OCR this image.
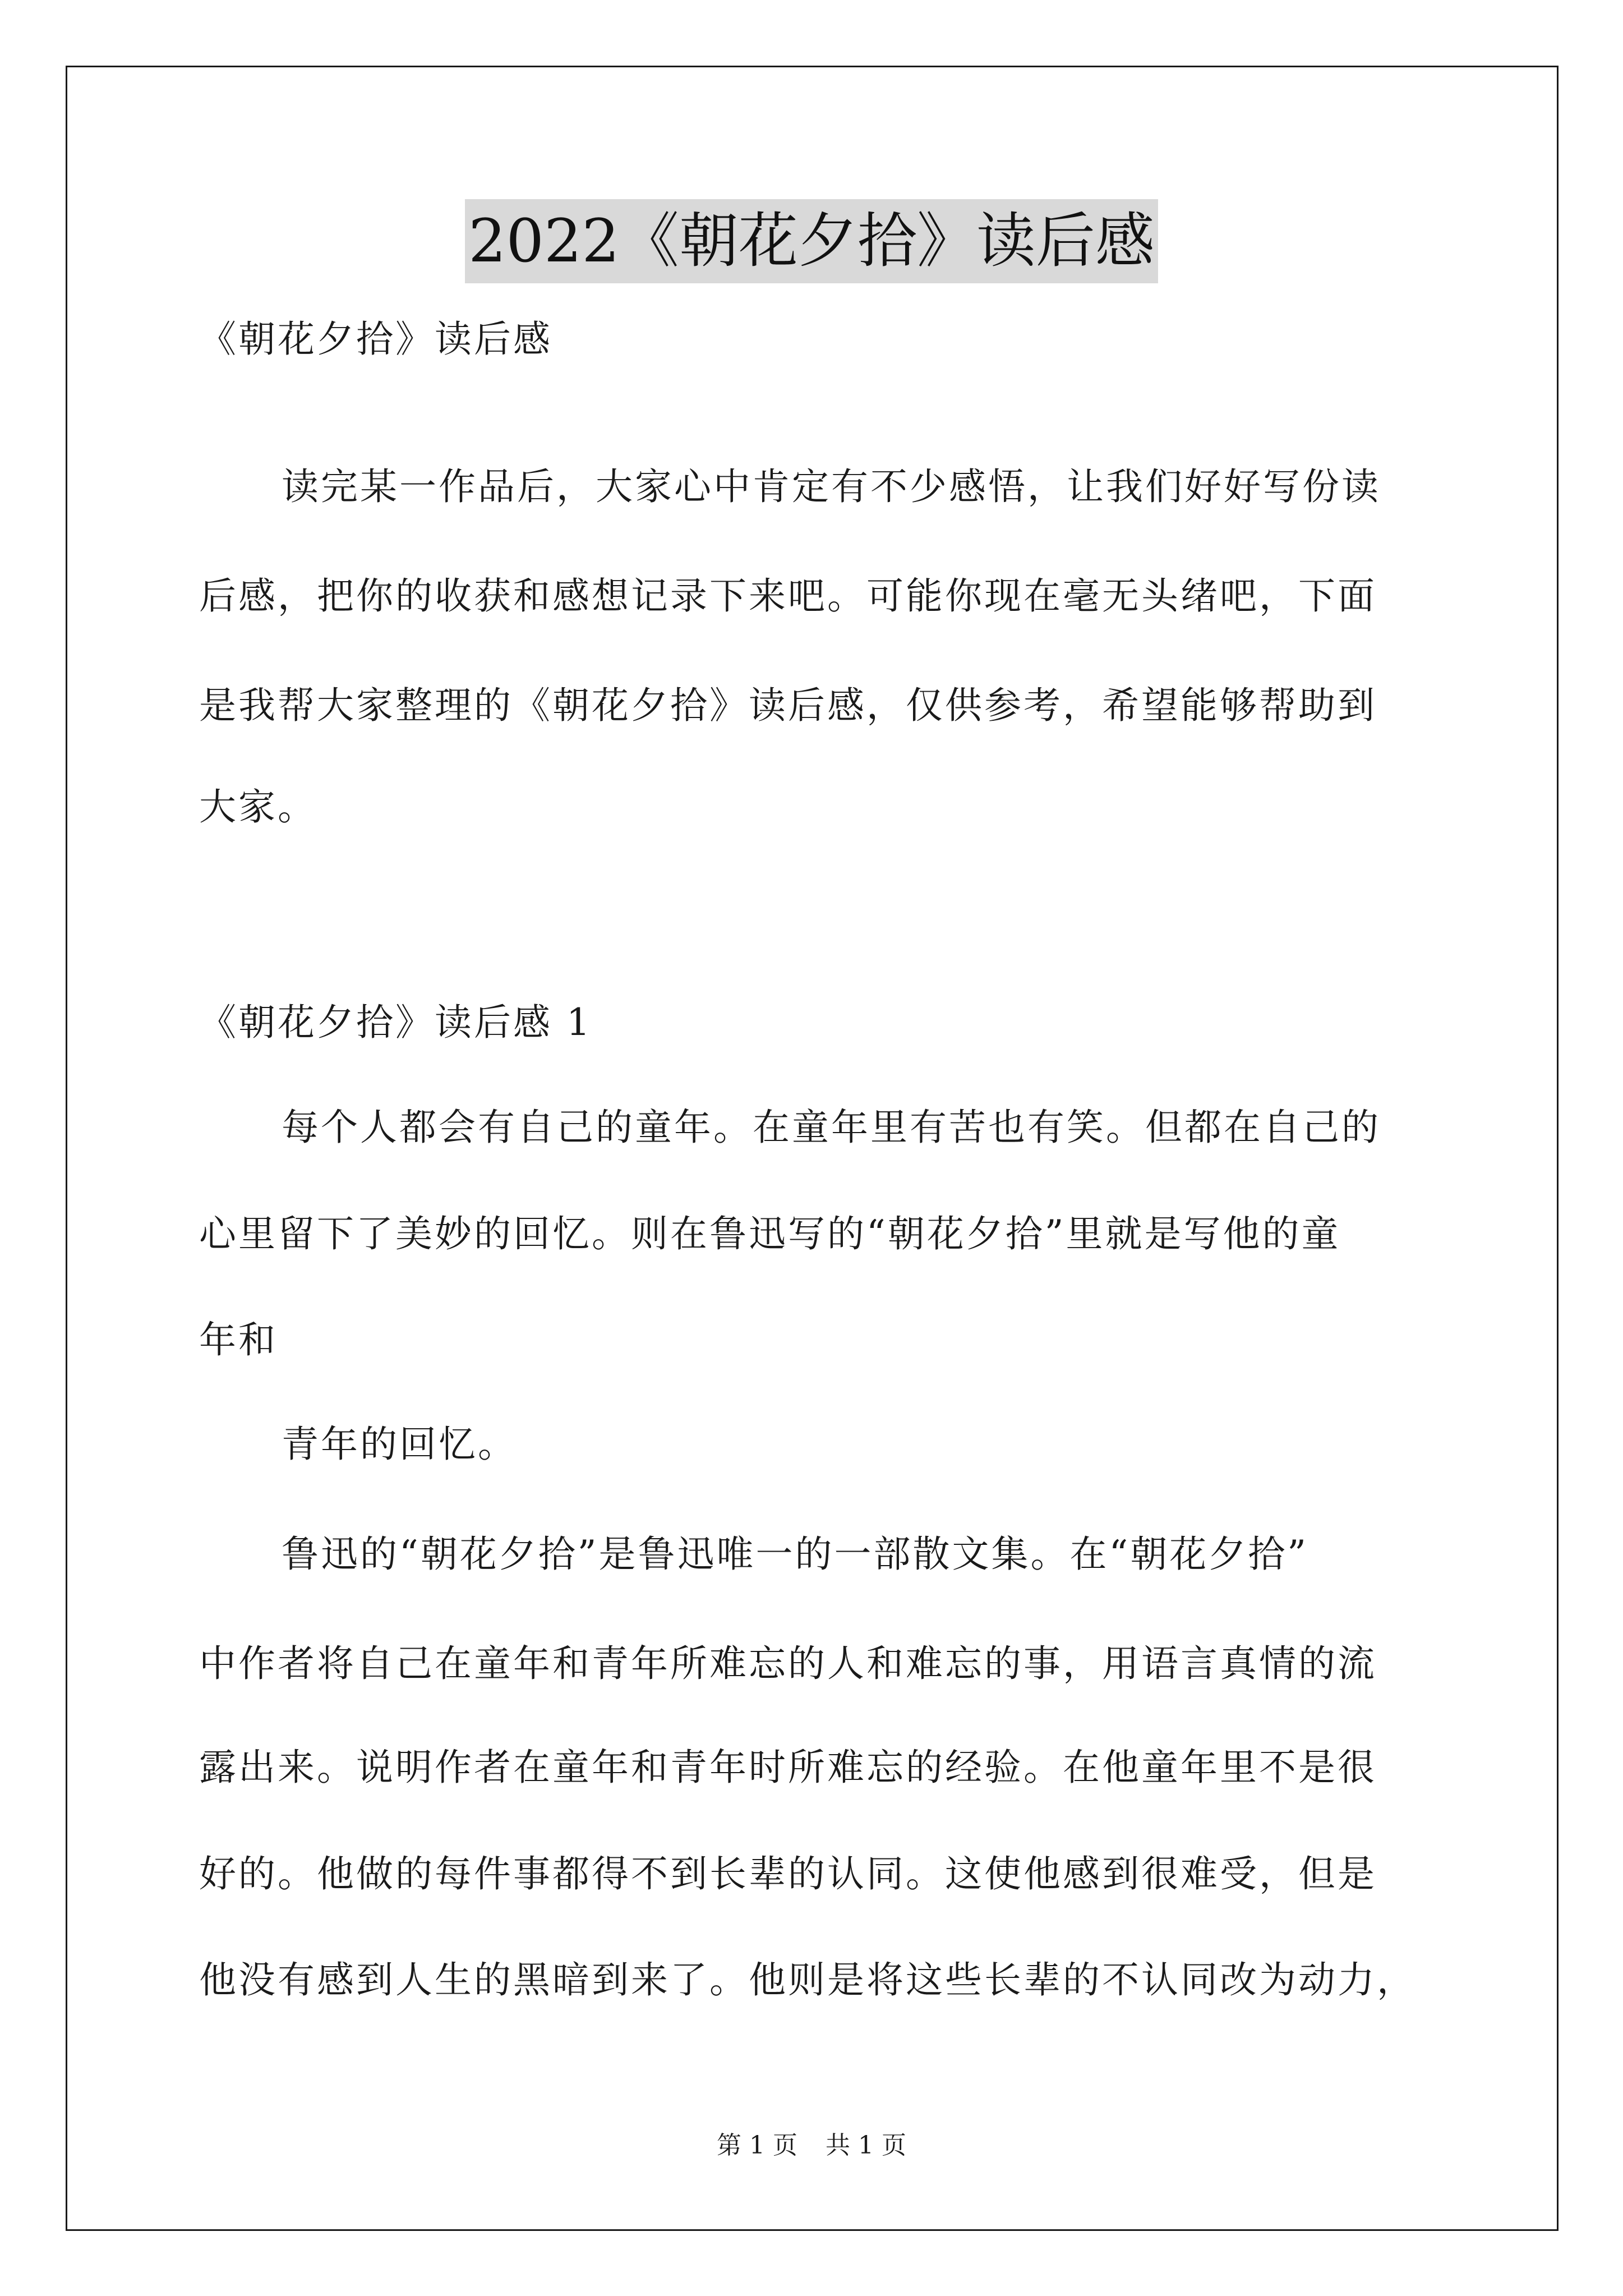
2022《朝花夕拾》读后感
《朝花夕拾》读后感
读完某一作品后，大家心中肯定有不少感悟，让我们好好写份读
后感，把你的收获和感想记录下来吧。可能你现在毫无头绪吧，下面
是我帮大家整理的《朝花夕拾》读后感，仅供参考，希望能够帮助到
大家。
《朝花夕拾》读后感 1
每个人都会有自己的童年。在童年里有苦也有笑。但都在自己的
心里留下了美妙的回忆。则在鲁迅写的“朝花夕拾”里就是写他的童
年和
青年的回忆。
鲁迅的“朝花夕拾”是鲁迅唯一的一部散文集。在“朝花夕拾”
中作者将自己在童年和青年所难忘的人和难忘的事，用语言真情的流
露出来。说明作者在童年和青年时所难忘的经验。在他童年里不是很
好的。他做的每件事都得不到长辈的认同。这使他感到很难受，但是
他没有感到人生的黑暗到来了。他则是将这些长辈的不认同改为动力，
第 1 页 共 1 页
